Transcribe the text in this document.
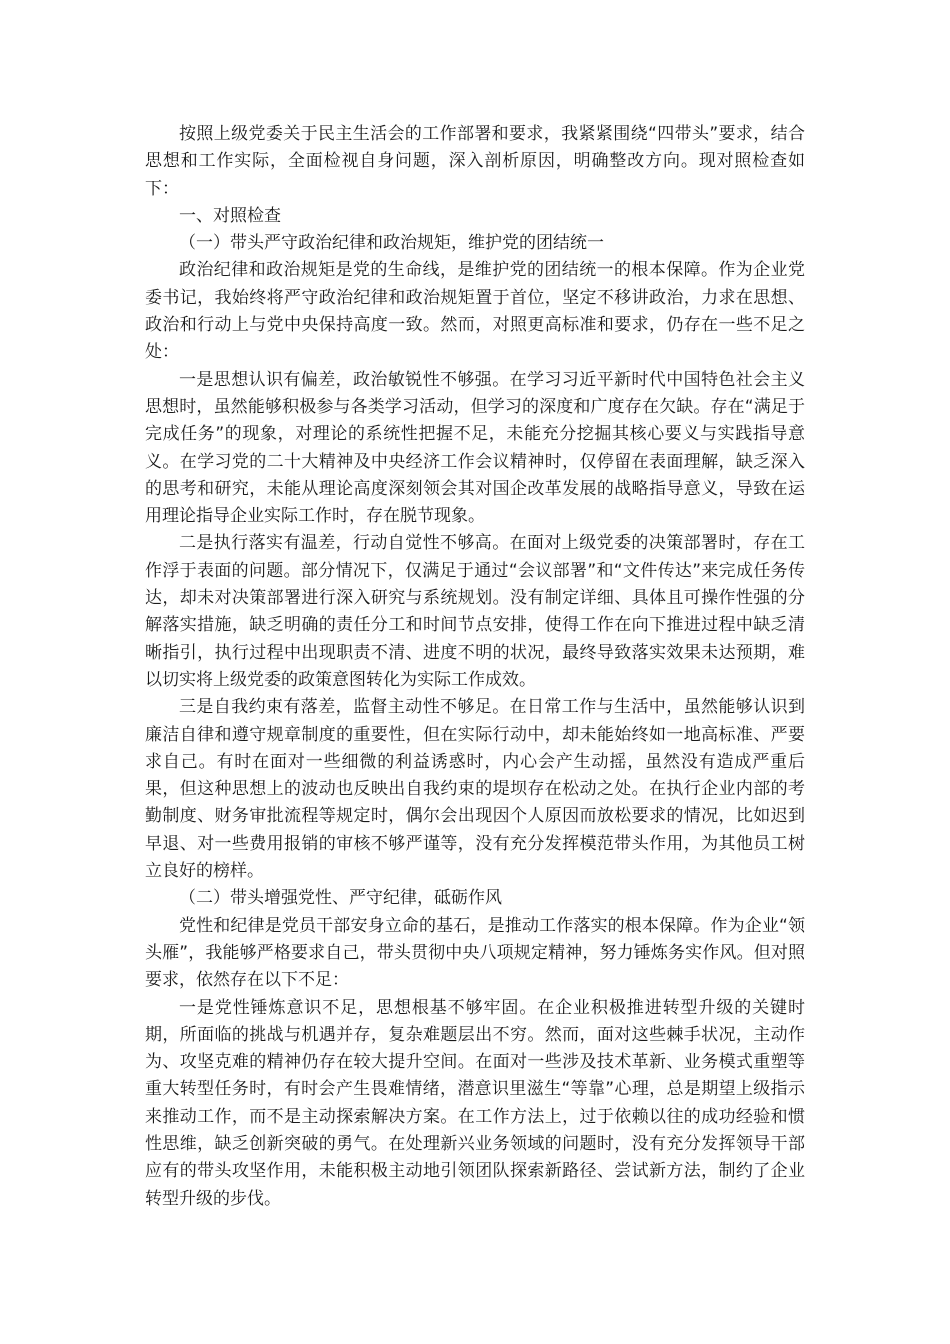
按照上级党委关于民主生活会的工作部署和要求，我紧紧围绕“四带头”要求，结合思想和工作实际，全面检视自身问题，深入剖析原因，明确整改方向。现对照检查如下：

一、对照检查

（一）带头严守政治纪律和政治规矩，维护党的团结统一

政治纪律和政治规矩是党的生命线，是维护党的团结统一的根本保障。作为企业党委书记，我始终将严守政治纪律和政治规矩置于首位，坚定不移讲政治，力求在思想、政治和行动上与党中央保持高度一致。然而，对照更高标准和要求，仍存在一些不足之处：

一是思想认识有偏差，政治敏锐性不够强。在学习习近平新时代中国特色社会主义思想时，虽然能够积极参与各类学习活动，但学习的深度和广度存在欠缺。存在“满足于完成任务”的现象，对理论的系统性把握不足，未能充分挖掘其核心要义与实践指导意义。在学习党的二十大精神及中央经济工作会议精神时，仅停留在表面理解，缺乏深入的思考和研究，未能从理论高度深刻领会其对国企改革发展的战略指导意义，导致在运用理论指导企业实际工作时，存在脱节现象。

二是执行落实有温差，行动自觉性不够高。在面对上级党委的决策部署时，存在工作浮于表面的问题。部分情况下，仅满足于通过“会议部署”和“文件传达”来完成任务传达，却未对决策部署进行深入研究与系统规划。没有制定详细、具体且可操作性强的分解落实措施，缺乏明确的责任分工和时间节点安排，使得工作在向下推进过程中缺乏清晰指引，执行过程中出现职责不清、进度不明的状况，最终导致落实效果未达预期，难以切实将上级党委的政策意图转化为实际工作成效。

三是自我约束有落差，监督主动性不够足。在日常工作与生活中，虽然能够认识到廉洁自律和遵守规章制度的重要性，但在实际行动中，却未能始终如一地高标准、严要求自己。有时在面对一些细微的利益诱惑时，内心会产生动摇，虽然没有造成严重后果，但这种思想上的波动也反映出自我约束的堤坝存在松动之处。在执行企业内部的考勤制度、财务审批流程等规定时，偶尔会出现因个人原因而放松要求的情况，比如迟到早退、对一些费用报销的审核不够严谨等，没有充分发挥模范带头作用，为其他员工树立良好的榜样。

（二）带头增强党性、严守纪律，砥砺作风

党性和纪律是党员干部安身立命的基石，是推动工作落实的根本保障。作为企业“领头雁”，我能够严格要求自己，带头贯彻中央八项规定精神，努力锤炼务实作风。但对照要求，依然存在以下不足：

一是党性锤炼意识不足，思想根基不够牢固。在企业积极推进转型升级的关键时期，所面临的挑战与机遇并存，复杂难题层出不穷。然而，面对这些棘手状况，主动作为、攻坚克难的精神仍存在较大提升空间。在面对一些涉及技术革新、业务模式重塑等重大转型任务时，有时会产生畏难情绪，潜意识里滋生“等靠”心理，总是期望上级指示来推动工作，而不是主动探索解决方案。在工作方法上，过于依赖以往的成功经验和惯性思维，缺乏创新突破的勇气。在处理新兴业务领域的问题时，没有充分发挥领导干部应有的带头攻坚作用，未能积极主动地引领团队探索新路径、尝试新方法，制约了企业转型升级的步伐。
